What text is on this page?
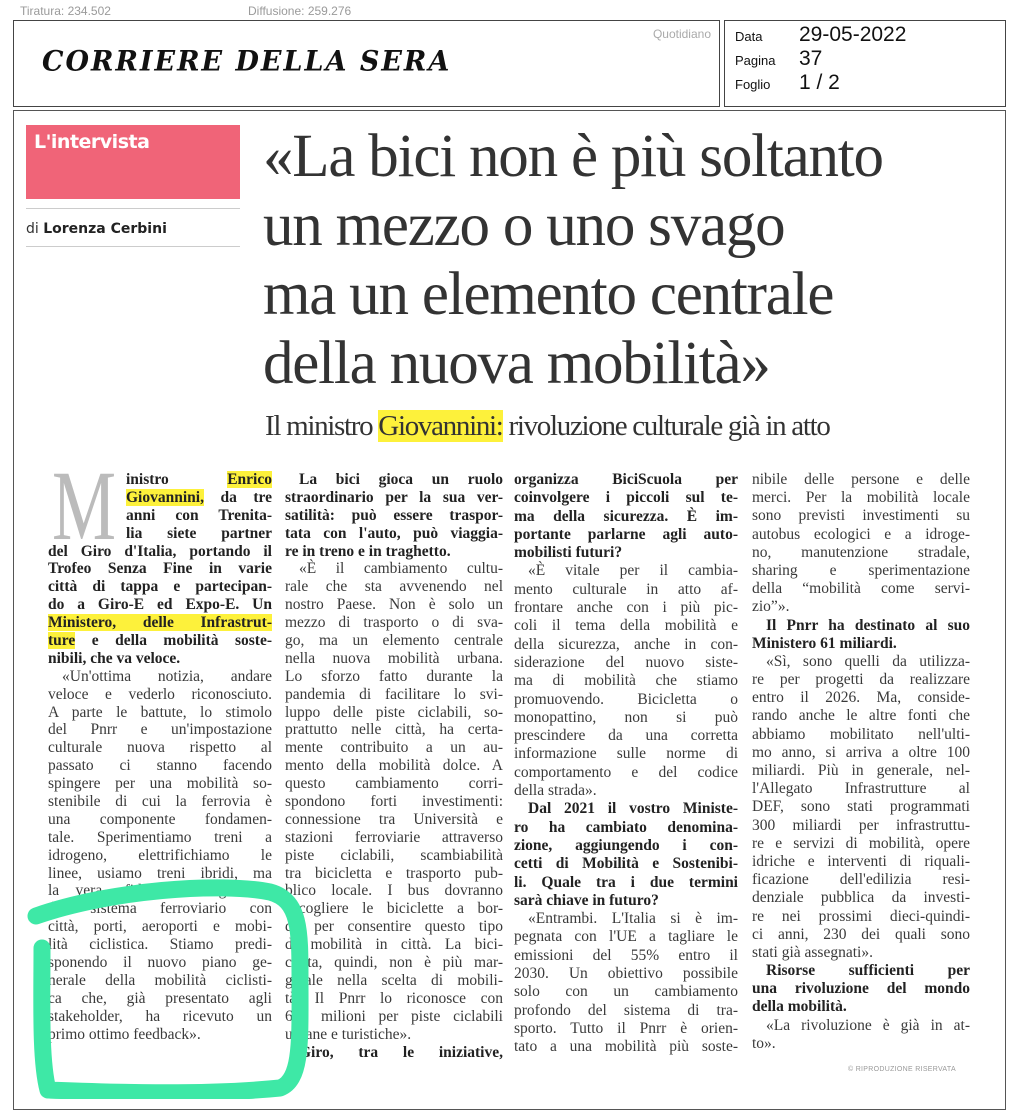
Tiratura: 234.502	Diffusione: 259.276
Quotidiano
CORRIERE DELLA SERA
Data 29-05-2022
Pagina 37
Foglio 1 / 2
L'intervista
di Lorenza Cerbini
«La bici non è più soltanto
un mezzo o uno svago
ma un elemento centrale
della nuova mobilità»
Il ministro Giovannini: rivoluzione culturale già in atto
M inistro Enrico
Giovannini, da tre
anni con Trenita-
lia siete partner
del Giro d'Italia, portando il
Trofeo Senza Fine in varie
città di tappa e partecipan-
do a Giro-E ed Expo-E. Un
Ministero, delle Infrastrut-
ture e della mobilità soste-
nibili, che va veloce.
«Un'ottima notizia, andare
veloce e vederlo riconosciuto.
A parte le battute, lo stimolo
del Pnrr e un'impostazione
culturale nuova rispetto al
passato ci stanno facendo
spingere per una mobilità so-
stenibile di cui la ferrovia è
una componente fondamen-
tale. Sperimentiamo treni a
idrogeno, elettrifichiamo le
linee, usiamo treni ibridi, ma
la vera sfida è l'integrazione
del sistema ferroviario con
città, porti, aeroporti e mobi-
lità ciclistica. Stiamo predi-
sponendo il nuovo piano ge-
nerale della mobilità ciclisti-
ca che, già presentato agli
stakeholder, ha ricevuto un
primo ottimo feedback».
La bici gioca un ruolo
straordinario per la sua ver-
satilità: può essere traspor-
tata con l'auto, può viaggia-
re in treno e in traghetto.
«È il cambiamento cultu-
rale che sta avvenendo nel
nostro Paese. Non è solo un
mezzo di trasporto o di sva-
go, ma un elemento centrale
nella nuova mobilità urbana.
Lo sforzo fatto durante la
pandemia di facilitare lo svi-
luppo delle piste ciclabili, so-
prattutto nelle città, ha certa-
mente contribuito a un au-
mento della mobilità dolce. A
questo cambiamento corri-
spondono forti investimenti:
connessione tra Università e
stazioni ferroviarie attraverso
piste ciclabili, scambiabilità
tra bicicletta e trasporto pub-
blico locale. I bus dovranno
accogliere le biciclette a bor-
do per consentire questo tipo
di mobilità in città. La bici-
cletta, quindi, non è più mar-
ginale nella scelta di mobili-
tà. Il Pnrr lo riconosce con
600 milioni per piste ciclabili
urbane e turistiche».
Giro, tra le iniziative,
organizza BiciScuola per
coinvolgere i piccoli sul te-
ma della sicurezza. È im-
portante parlarne agli auto-
mobilisti futuri?
«È vitale per il cambia-
mento culturale in atto af-
frontare anche con i più pic-
coli il tema della mobilità e
della sicurezza, anche in con-
siderazione del nuovo siste-
ma di mobilità che stiamo
promuovendo. Bicicletta o
monopattino, non si può
prescindere da una corretta
informazione sulle norme di
comportamento e del codice
della strada».
Dal 2021 il vostro Ministe-
ro ha cambiato denomina-
zione, aggiungendo i con-
cetti di Mobilità e Sostenibi-
li. Quale tra i due termini
sarà chiave in futuro?
«Entrambi. L'Italia si è im-
pegnata con l'UE a tagliare le
emissioni del 55% entro il
2030. Un obiettivo possibile
solo con un cambiamento
profondo del sistema di tra-
sporto. Tutto il Pnrr è orien-
tato a una mobilità più soste-
nibile delle persone e delle
merci. Per la mobilità locale
sono previsti investimenti su
autobus ecologici e a idroge-
no, manutenzione stradale,
sharing e sperimentazione
della “mobilità come servi-
zio”».
Il Pnrr ha destinato al suo
Ministero 61 miliardi.
«Sì, sono quelli da utilizza-
re per progetti da realizzare
entro il 2026. Ma, conside-
rando anche le altre fonti che
abbiamo mobilitato nell'ulti-
mo anno, si arriva a oltre 100
miliardi. Più in generale, nel-
l'Allegato Infrastrutture al
DEF, sono stati programmati
300 miliardi per infrastruttu-
re e servizi di mobilità, opere
idriche e interventi di riquali-
ficazione dell'edilizia resi-
denziale pubblica da investi-
re nei prossimi dieci-quindi-
ci anni, 230 dei quali sono
stati già assegnati».
Risorse sufficienti per
una rivoluzione del mondo
della mobilità.
«La rivoluzione è già in at-
to».
© RIPRODUZIONE RISERVATA
